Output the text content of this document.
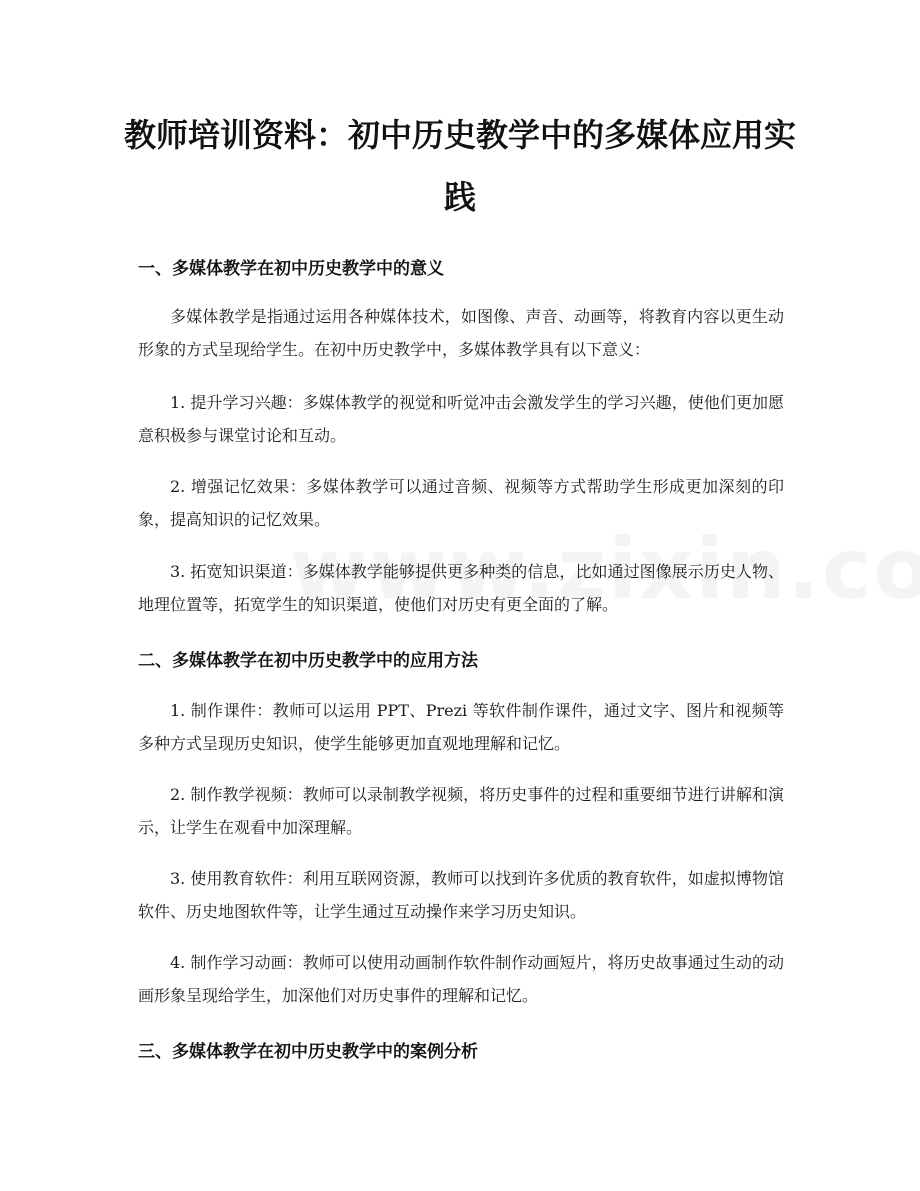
教师培训资料：初中历史教学中的多媒体应用实践
一、多媒体教学在初中历史教学中的意义

多媒体教学是指通过运用各种媒体技术，如图像、声音、动画等，将教育内容以更生动形象的方式呈现给学生。在初中历史教学中，多媒体教学具有以下意义：

1. 提升学习兴趣：多媒体教学的视觉和听觉冲击会激发学生的学习兴趣，使他们更加愿意积极参与课堂讨论和互动。

2. 增强记忆效果：多媒体教学可以通过音频、视频等方式帮助学生形成更加深刻的印象，提高知识的记忆效果。

3. 拓宽知识渠道：多媒体教学能够提供更多种类的信息，比如通过图像展示历史人物、地理位置等，拓宽学生的知识渠道，使他们对历史有更全面的了解。

二、多媒体教学在初中历史教学中的应用方法

1. 制作课件：教师可以运用 PPT、Prezi 等软件制作课件，通过文字、图片和视频等多种方式呈现历史知识，使学生能够更加直观地理解和记忆。

2. 制作教学视频：教师可以录制教学视频，将历史事件的过程和重要细节进行讲解和演示，让学生在观看中加深理解。

3. 使用教育软件：利用互联网资源，教师可以找到许多优质的教育软件，如虚拟博物馆软件、历史地图软件等，让学生通过互动操作来学习历史知识。

4. 制作学习动画：教师可以使用动画制作软件制作动画短片，将历史故事通过生动的动画形象呈现给学生，加深他们对历史事件的理解和记忆。

三、多媒体教学在初中历史教学中的案例分析
